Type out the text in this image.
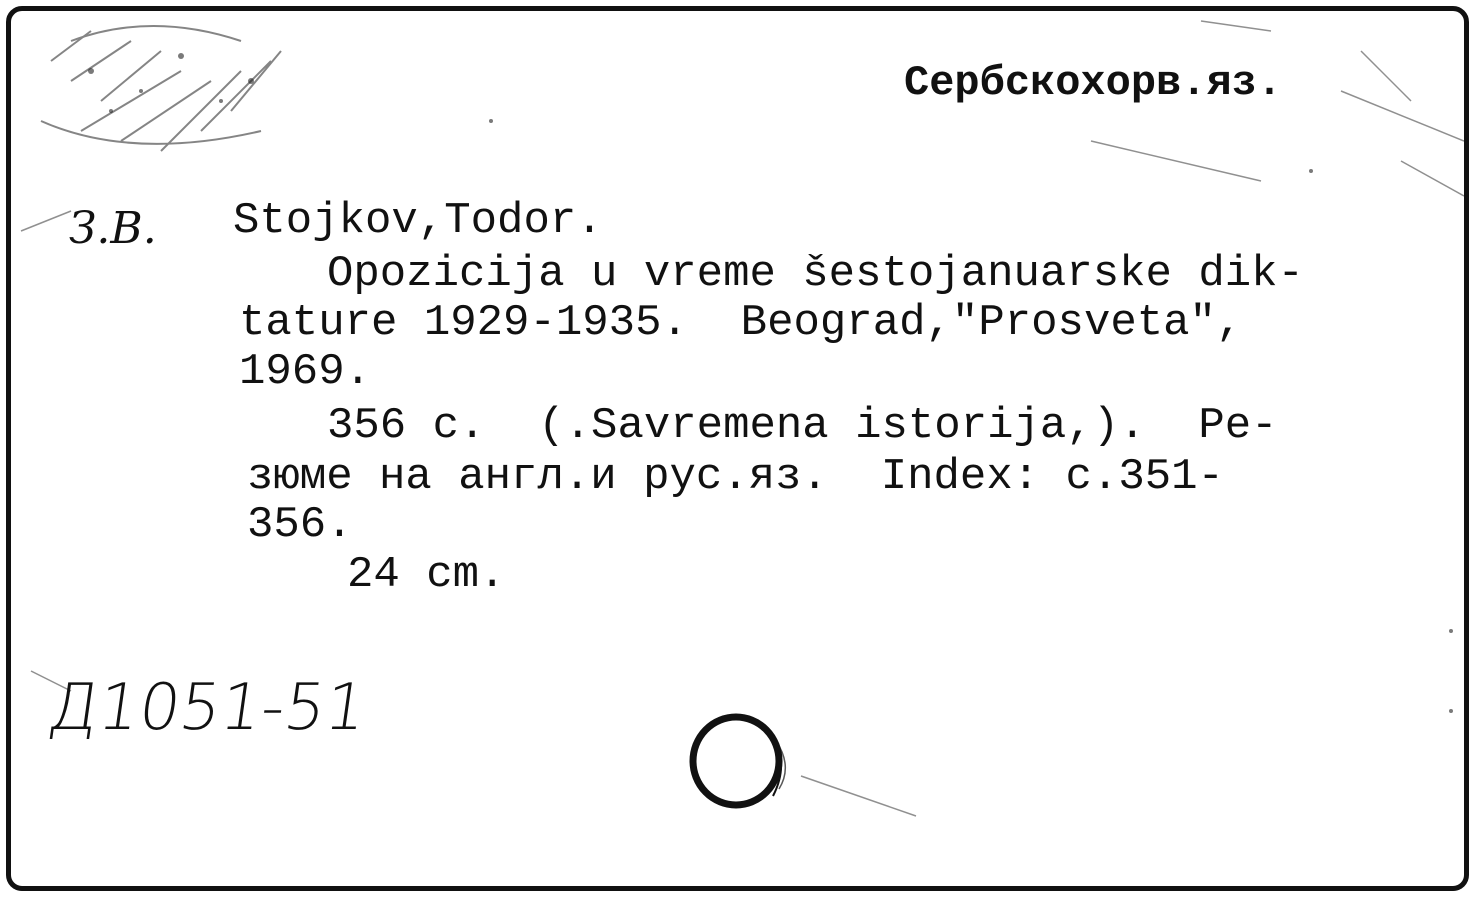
Сербскохорв.яз.
З.В. Stojkov,Todor.
Opozicija u vreme šestojanuarske dik-
tature 1929-1935.  Beograd,"Prosveta",
1969.
356 c.  (.Savremena istorija,).  Pe-
зюме на англ.и рус.яз.  Index: c.351-
356.
24 cm.
Д1051-51
